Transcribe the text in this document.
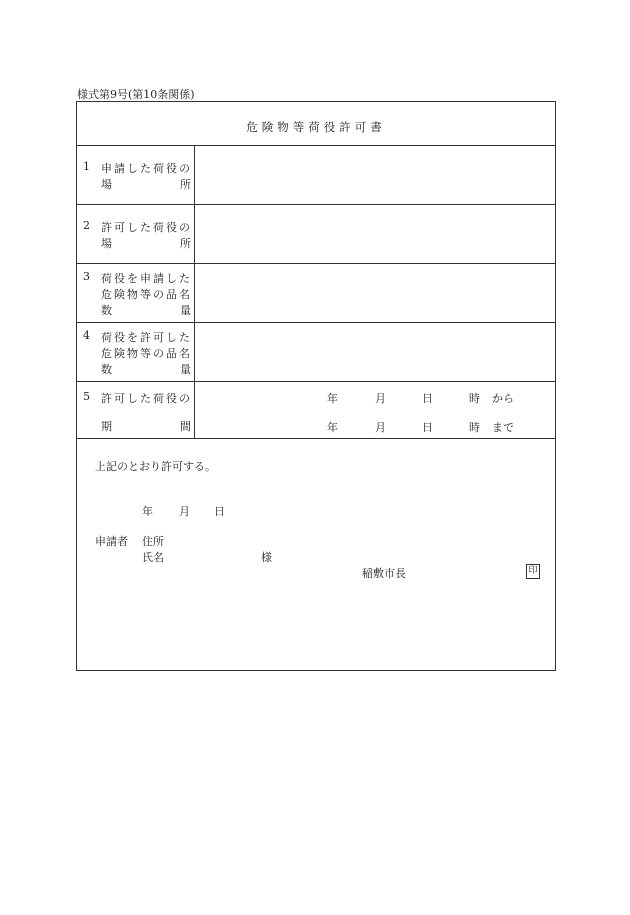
様式第9号(第10条関係)
危険物等荷役許可書
1 申請した荷役の
場	所
2 許可した荷役の
場	所
3 荷役を申請した
危険物等の品名
数	量
4 荷役を許可した
危険物等の品名
数	量
5 許可した荷役の
期	間
年	月	日	時 から
年	月	日	時 まで
上記のとおり許可する。
年 月 日
申請者 住所
氏名	様
稲敷市長	印
